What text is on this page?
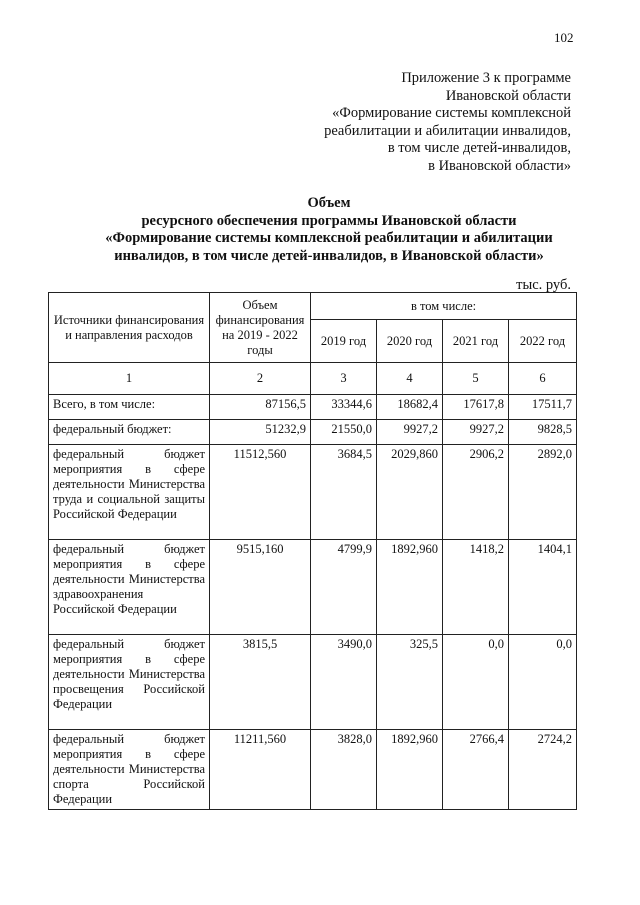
102
Приложение 3 к программе
Ивановской области
«Формирование системы комплексной
реабилитации и абилитации инвалидов,
в том числе детей-инвалидов,
в Ивановской области»
Объем
ресурсного обеспечения программы Ивановской области
«Формирование системы комплексной реабилитации и абилитации
инвалидов, в том числе детей-инвалидов, в Ивановской области»
тыс. руб.
Источники финансирования и направления расходов	Объем финансирования на 2019 - 2022 годы	в том числе:			
		2019 год	2020 год	2021 год	2022 год
1	2	3	4	5	6
Всего, в том числе:	87156,5	33344,6	18682,4	17617,8	17511,7
федеральный бюджет:	51232,9	21550,0	9927,2	9927,2	9828,5
федеральный бюджет мероприятия в сфере деятельности Министерства труда и социальной защиты Российской Федерации	11512,560	3684,5	2029,860	2906,2	2892,0
федеральный бюджет мероприятия в сфере деятельности Министерства здравоохранения Российской Федерации	9515,160	4799,9	1892,960	1418,2	1404,1
федеральный бюджет мероприятия в сфере деятельности Министерства просвещения Российской Федерации	3815,5	3490,0	325,5	0,0	0,0
федеральный бюджет мероприятия в сфере деятельности Министерства спорта Российской Федерации	11211,560	3828,0	1892,960	2766,4	2724,2
